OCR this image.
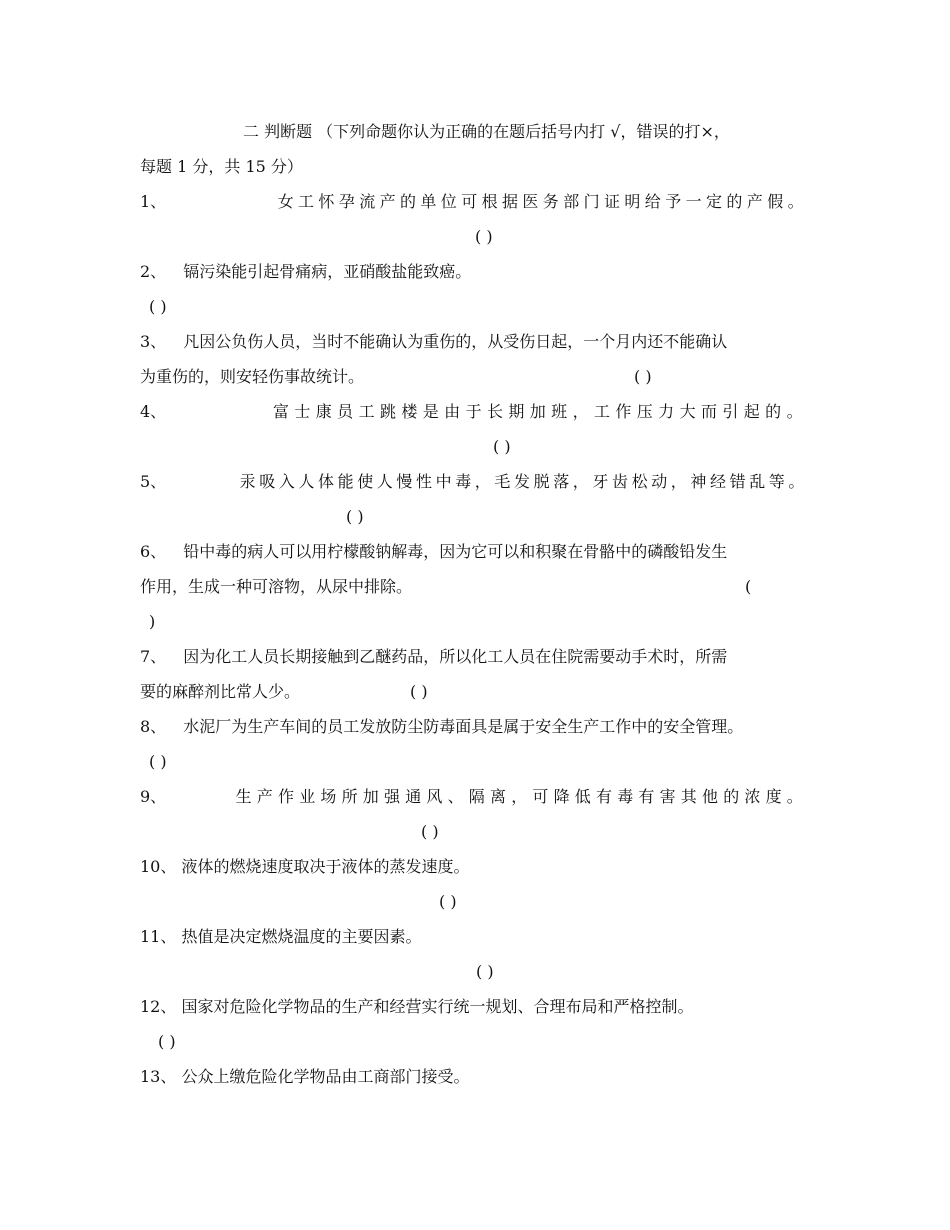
二 判断题 （下列命题你认为正确的在题后括号内打 √，错误的打×，
每题 1 分，共 15 分）
1、	女工怀孕流产的单位可根据医务部门证明给予一定的产假。
( )
2、 镉污染能引起骨痛病，亚硝酸盐能致癌。
( )
3、 凡因公负伤人员，当时不能确认为重伤的，从受伤日起，一个月内还不能确认
为重伤的，则安轻伤事故统计。	( )
4、	富士康员工跳楼是由于长期加班，工作压力大而引起的。
( )
5、	汞吸入人体能使人慢性中毒，毛发脱落，牙齿松动，神经错乱等。
( )
6、 铅中毒的病人可以用柠檬酸钠解毒，因为它可以和积聚在骨骼中的磷酸铅发生
作用，生成一种可溶物，从尿中排除。	(
)
7、 因为化工人员长期接触到乙醚药品，所以化工人员在住院需要动手术时，所需
要的麻醉剂比常人少。	( )
8、 水泥厂为生产车间的员工发放防尘防毒面具是属于安全生产工作中的安全管理。
( )
9、	生产作业场所加强通风、隔离，可降低有毒有害其他的浓度。
( )
10、 液体的燃烧速度取决于液体的蒸发速度。
( )
11、 热值是决定燃烧温度的主要因素。
( )
12、 国家对危险化学物品的生产和经营实行统一规划、合理布局和严格控制。
( )
13、 公众上缴危险化学物品由工商部门接受。
